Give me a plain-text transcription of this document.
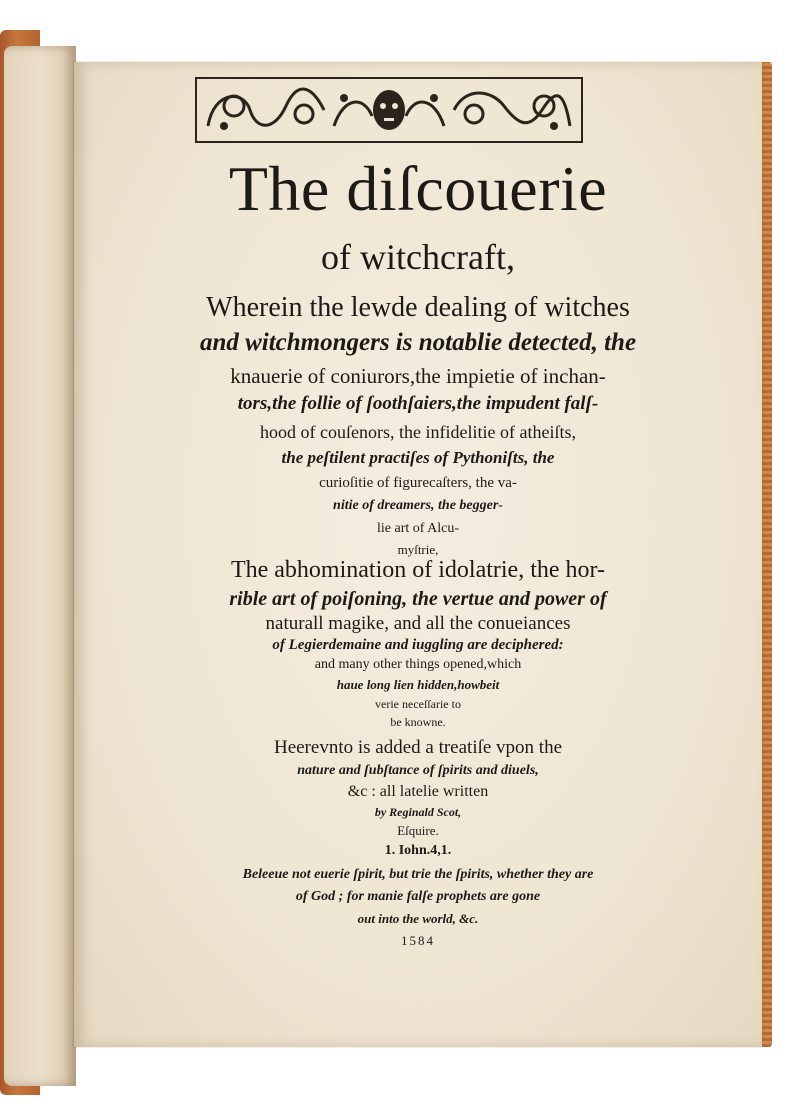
The diſcouerie
of witchcraft,
Wherein the lewde dealing of witches
and witchmongers is notablie detected, the
knauerie of coniurors,the impietie of inchan-
tors,the follie of ſoothſaiers,the impudent falſ-
hood of couſenors, the infidelitie of atheiſts,
the peſtilent practiſes of Pythoniſts, the
curioſitie of figurecaſters, the va-
nitie of dreamers, the begger-
lie art of Alcu-
myſtrie,
The abhomination of idolatrie, the hor-
rible art of poiſoning, the vertue and power of
naturall magike, and all the conueiances
of Legierdemaine and iuggling are deciphered:
and many other things opened,which
haue long lien hidden,howbeit
verie neceſſarie to
be knowne.
Heerevnto is added a treatiſe vpon the
nature and ſubſtance of ſpirits and diuels,
&c : all latelie written
by Reginald Scot,
Eſquire.
1. Iohn.4,1.
Beleeue not euerie ſpirit, but trie the ſpirits, whether they are
of God ; for manie falſe prophets are gone
out into the world, &c.
1584
